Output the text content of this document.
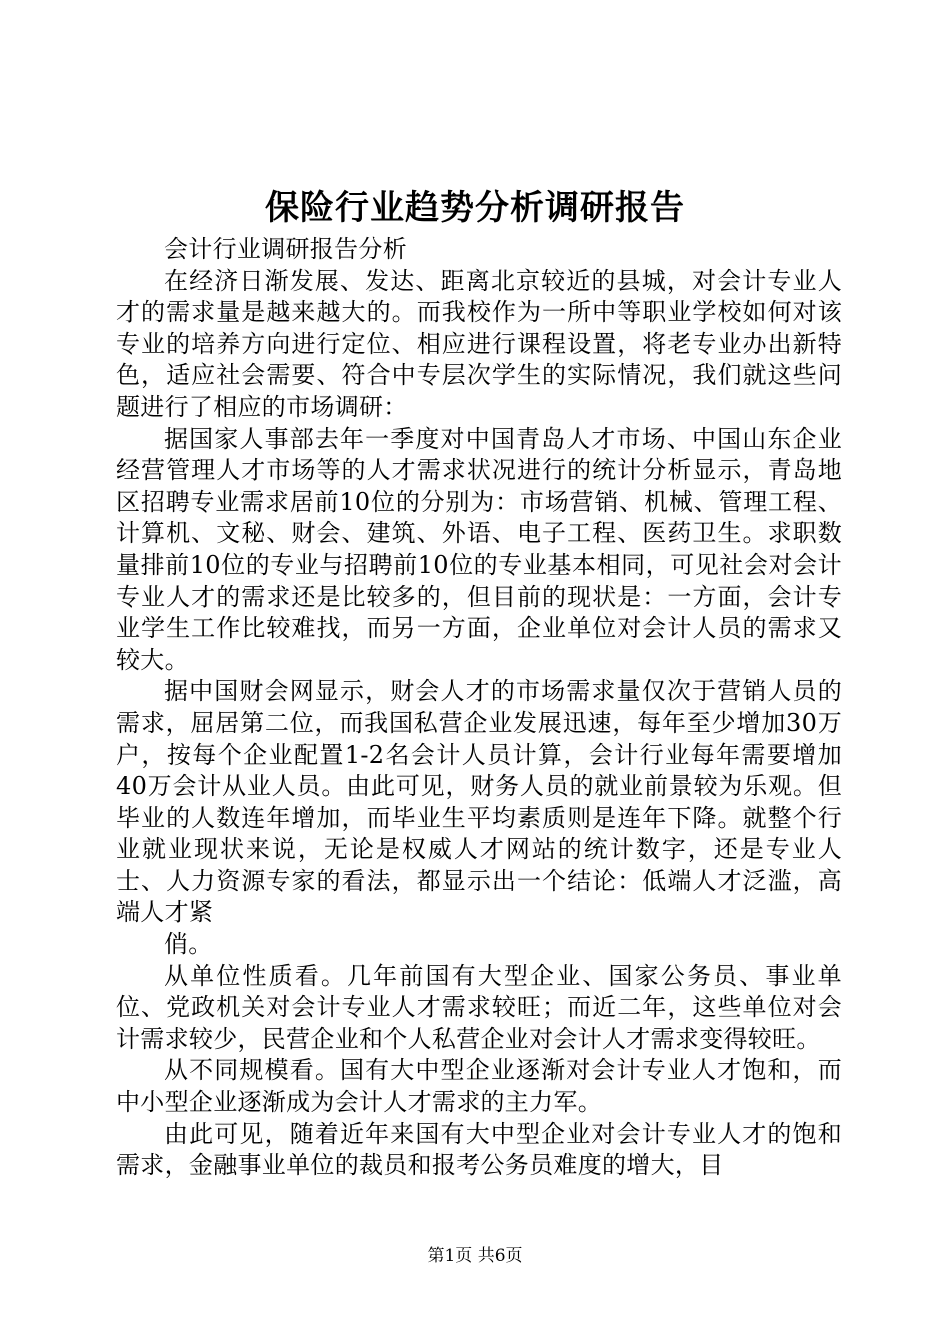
保险行业趋势分析调研报告

会计行业调研报告分析

在经济日渐发展、发达、距离北京较近的县城，对会计专业人才的需求量是越来越大的。而我校作为一所中等职业学校如何对该专业的培养方向进行定位、相应进行课程设置，将老专业办出新特色，适应社会需要、符合中专层次学生的实际情况，我们就这些问题进行了相应的市场调研：

据国家人事部去年一季度对中国青岛人才市场、中国山东企业经营管理人才市场等的人才需求状况进行的统计分析显示，青岛地区招聘专业需求居前10位的分别为：市场营销、机械、管理工程、计算机、文秘、财会、建筑、外语、电子工程、医药卫生。求职数量排前10位的专业与招聘前10位的专业基本相同，可见社会对会计专业人才的需求还是比较多的，但目前的现状是：一方面，会计专业学生工作比较难找，而另一方面，企业单位对会计人员的需求又较大。

据中国财会网显示，财会人才的市场需求量仅次于营销人员的需求，屈居第二位，而我国私营企业发展迅速，每年至少增加30万户，按每个企业配置1-2名会计人员计算，会计行业每年需要增加40万会计从业人员。由此可见，财务人员的就业前景较为乐观。但毕业的人数连年增加，而毕业生平均素质则是连年下降。就整个行业就业现状来说，无论是权威人才网站的统计数字，还是专业人士、人力资源专家的看法，都显示出一个结论：低端人才泛滥，高端人才紧

俏。

从单位性质看。几年前国有大型企业、国家公务员、事业单位、党政机关对会计专业人才需求较旺；而近二年，这些单位对会计需求较少，民营企业和个人私营企业对会计人才需求变得较旺。

从不同规模看。国有大中型企业逐渐对会计专业人才饱和，而中小型企业逐渐成为会计人才需求的主力军。

由此可见，随着近年来国有大中型企业对会计专业人才的饱和需求，金融事业单位的裁员和报考公务员难度的增大，目

第1页 共6页
